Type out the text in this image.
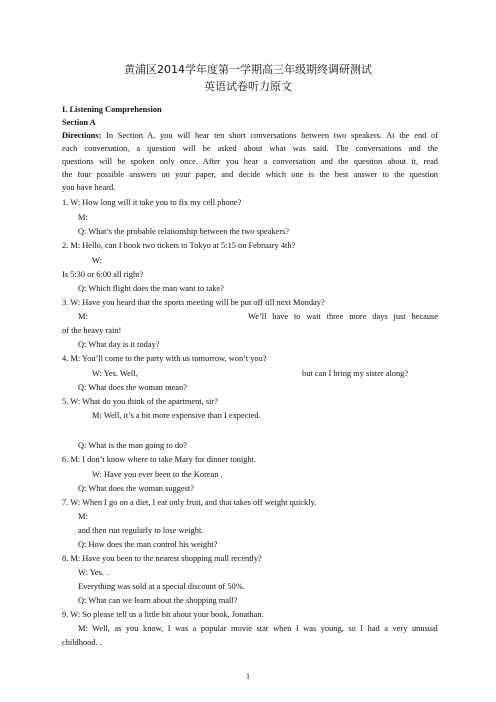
黄浦区2014学年度第一学期高三年级期终调研测试
英语试卷听力原文
I. Listening Comprehension
Section A
Directions: In Section A, you will hear ten short conversations between two speakers. At the end of
each conversation, a question will be asked about what was said. The conversations and the
questions will be spoken only once. After you hear a conversation and the question about it, read
the four possible answers on your paper, and decide which one is the best answer to the question
you have heard.
1. W: How long will it take you to fix my cell phone?
M:
Q: What’s the probable relationship between the two speakers?
2. M: Hello, can I book two tickets to Tokyo at 5:15 on February 4th?
W:
Is 5:30 or 6:00 all right?
Q: Which flight does the man want to take?
3. W: Have you heard that the sports meeting will be put off till next Monday?
M:	We’ll have to wait three more days just because
of the heavy rain!
Q: What day is it today?
4. M: You’ll come to the party with us tomorrow, won’t you?
W: Yes. Well,	but can I bring my sister along?
Q: What does the woman mean?
5. W: What do you think of the apartment, sir?
M: Well, it’s a bit more expensive than I expected.
Q: What is the man going to do?
6. M: I don’t know where to take Mary for dinner tonight.
W: Have you ever been to the Korean .
Q: What does the woman suggest?
7. W: When I go on a diet, I eat only fruit, and that takes off weight quickly.
M:
and then run regularly to lose weight.
Q: How does the man control his weight?
8. M: Have you been to the nearest shopping mall recently?
W: Yes. .
Everything was sold at a special discount of 50%.
Q: What can we learn about the shopping mall?
9. W: So please tell us a little bit about your book, Jonathan.
M: Well, as you know, I was a popular movie star when I was young, so I had a very unusual
childhood. .
1
